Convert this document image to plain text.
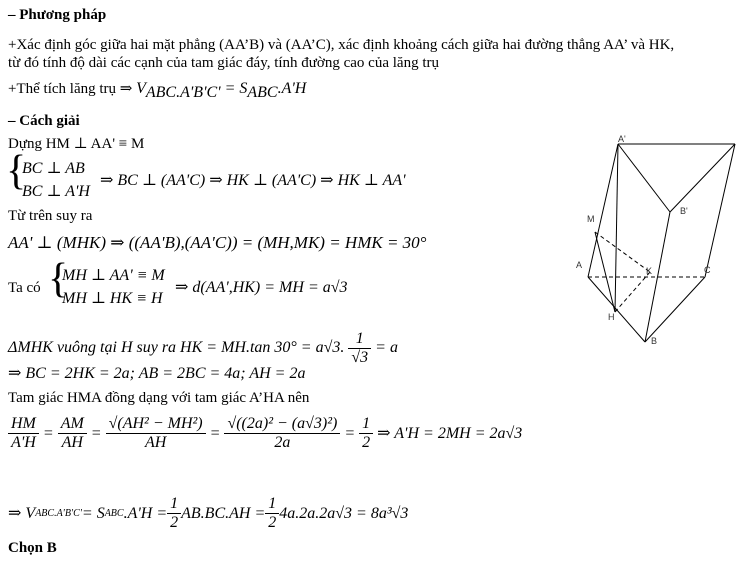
– Phương pháp
+Xác định góc giữa hai mặt phẳng (AA’B) và (AA’C), xác định khoảng cách giữa hai đường thẳng AA’ và HK,
từ đó tính độ dài các cạnh của tam giác đáy, tính đường cao của lăng trụ
+Thể tích lăng trụ ⇒ $V_{ABC.A'B'C'} = S_{ABC}.A'H$
– Cách giải
Dựng HM ⊥ AA' ≡ M
{
BC ⊥ AB
BC ⊥ A'H
⇒ BC ⊥ (AA'C) ⇒ HK ⊥ (AA'C) ⇒ HK ⊥ AA'
Từ trên suy ra
AA' ⊥ (MHK) ⇒ ((AA'B),(AA'C)) = (MH,MK) = HMK = 30°
Ta có {
MH ⊥ AA' ≡ M
MH ⊥ HK ≡ H
⇒ d(AA',HK) = MH = a√3
ΔMHK vuông tại H suy ra HK = MH.tan 30° = a√3. $\frac{1}{√3} = a$
⇒ BC = 2HK = 2a; AB = 2BC = 4a; AH = 2a
Tam giác HMA đồng dạng với tam giác A’HA nên
$\frac{HM}{A'H} = \frac{AM}{AH} = \frac{\text{√(AH² − MH²)}}{AH} = \frac{\text{√((2a)² − (a√3)²)}}{2a} = \frac{1}{2}$ ⇒ A'H = 2MH = 2a√3
⇒ V ABC.A'B'C' = S ABC $.A'H = \frac{1}{2} AB.BC.AH = \frac{1}{2} 4a.2a.2a√3 = 8a^3√3$
Chọn B
A'
B'
M
A
K	C
H
B
